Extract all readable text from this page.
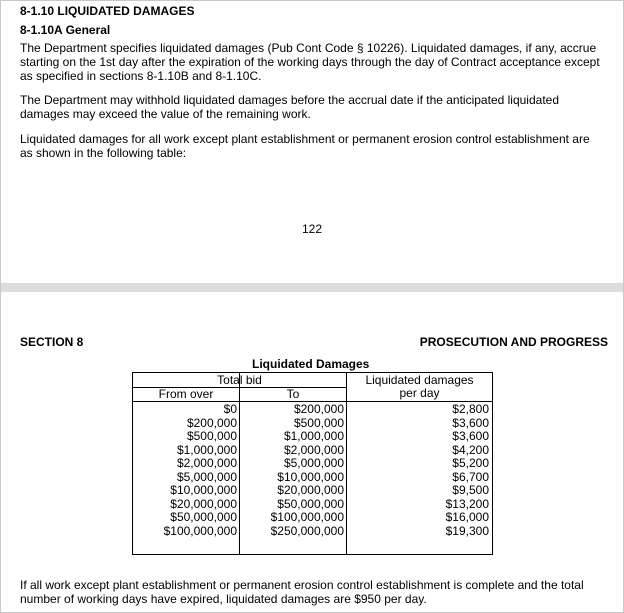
8-1.10 LIQUIDATED DAMAGES
8-1.10A General

The Department specifies liquidated damages (Pub Cont Code § 10226). Liquidated damages, if any, accrue starting on the 1st day after the expiration of the working days through the day of Contract acceptance except as specified in sections 8-1.10B and 8-1.10C.

The Department may withhold liquidated damages before the accrual date if the anticipated liquidated damages may exceed the value of the remaining work.

Liquidated damages for all work except plant establishment or permanent erosion control establishment are as shown in the following table:

122
SECTION 8	PROSECUTION AND PROGRESS
Liquidated Damages
Total bid
From over	To
Liquidated damages
per day
$0	$200,000	$2,800
$200,000	$500,000	$3,600
$500,000	$1,000,000	$3,600
$1,000,000	$2,000,000	$4,200
$2,000,000	$5,000,000	$5,200
$5,000,000	$10,000,000	$6,700
$10,000,000	$20,000,000	$9,500
$20,000,000	$50,000,000	$13,200
$50,000,000	$100,000,000	$16,000
$100,000,000	$250,000,000	$19,300

If all work except plant establishment or permanent erosion control establishment is complete and the total number of working days have expired, liquidated damages are $950 per day.
